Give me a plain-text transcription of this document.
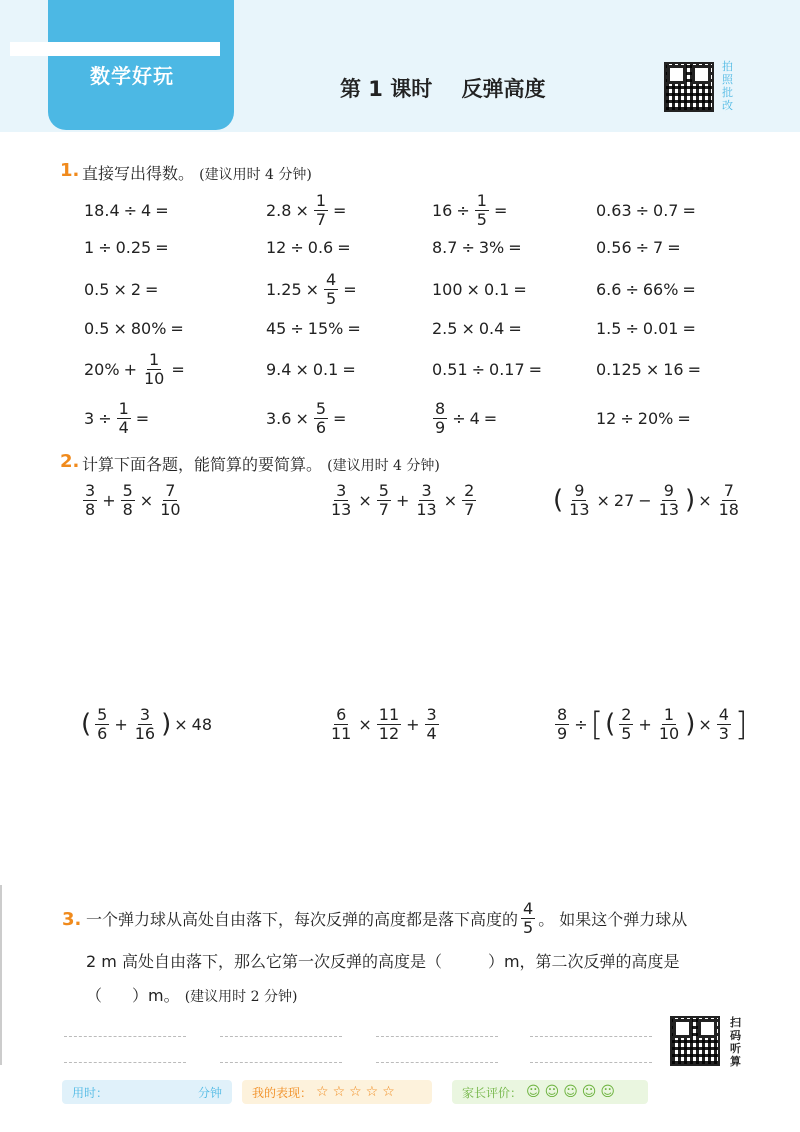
数学好玩
第 1 课时    反弹高度
拍照批改
1. 直接写出得数。 (建议用时 4 分钟)
18.4 ÷ 4 =	$2.8 \times \frac{1}{7}$ =	$16 \div \frac{1}{5}$ =	0.63 ÷ 0.7 =
1 ÷ 0.25 =	12 ÷ 0.6 =	8.7 ÷ 3% =	0.56 ÷ 7 =
0.5 × 2 =	$1.25 \times \frac{4}{5}$ =	100 × 0.1 =	6.6 ÷ 66% =
0.5 × 80% =	45 ÷ 15% =	2.5 × 0.4 =	1.5 ÷ 0.01 =
$20\% + \frac{1}{10}$ =	9.4 × 0.1 =	0.51 ÷ 0.17 =	0.125 × 16 =
$3 \div \frac{1}{4}$ =	$3.6 \times \frac{5}{6}$ =	$\frac{8}{9} \div 4$ =	12 ÷ 20% =
2. 计算下面各题，能简算的要简算。 (建议用时 4 分钟)
$\frac{3}{8} + \frac{5}{8} \times \frac{7}{10}$	$\frac{3}{13} \times \frac{5}{7} + \frac{3}{13} \times \frac{2}{7}$	( $\frac{9}{13} \times 27 - \frac{9}{13}$ ) × $\frac{7}{18}$
( $\frac{5}{6} + \frac{3}{16}$ ) × 48	$\frac{6}{11} \times \frac{11}{12} + \frac{3}{4}$	$\frac{8}{9}$ ÷ [ ( $\frac{2}{5} + \frac{1}{10}$ ) × $\frac{4}{3}$ ]
3. 一个弹力球从高处自由落下，每次反弹的高度都是落下高度的 $\frac{4}{5}$ 。 如果这个弹力球从
2 m 高处自由落下，那么它第一次反弹的高度是（	）m，第二次反弹的高度是
（ ）m。 (建议用时 2 分钟)
扫码听算
用时：	分钟	我的表现： ☆☆☆☆☆	家长评价： ☺☺☺☺☺
